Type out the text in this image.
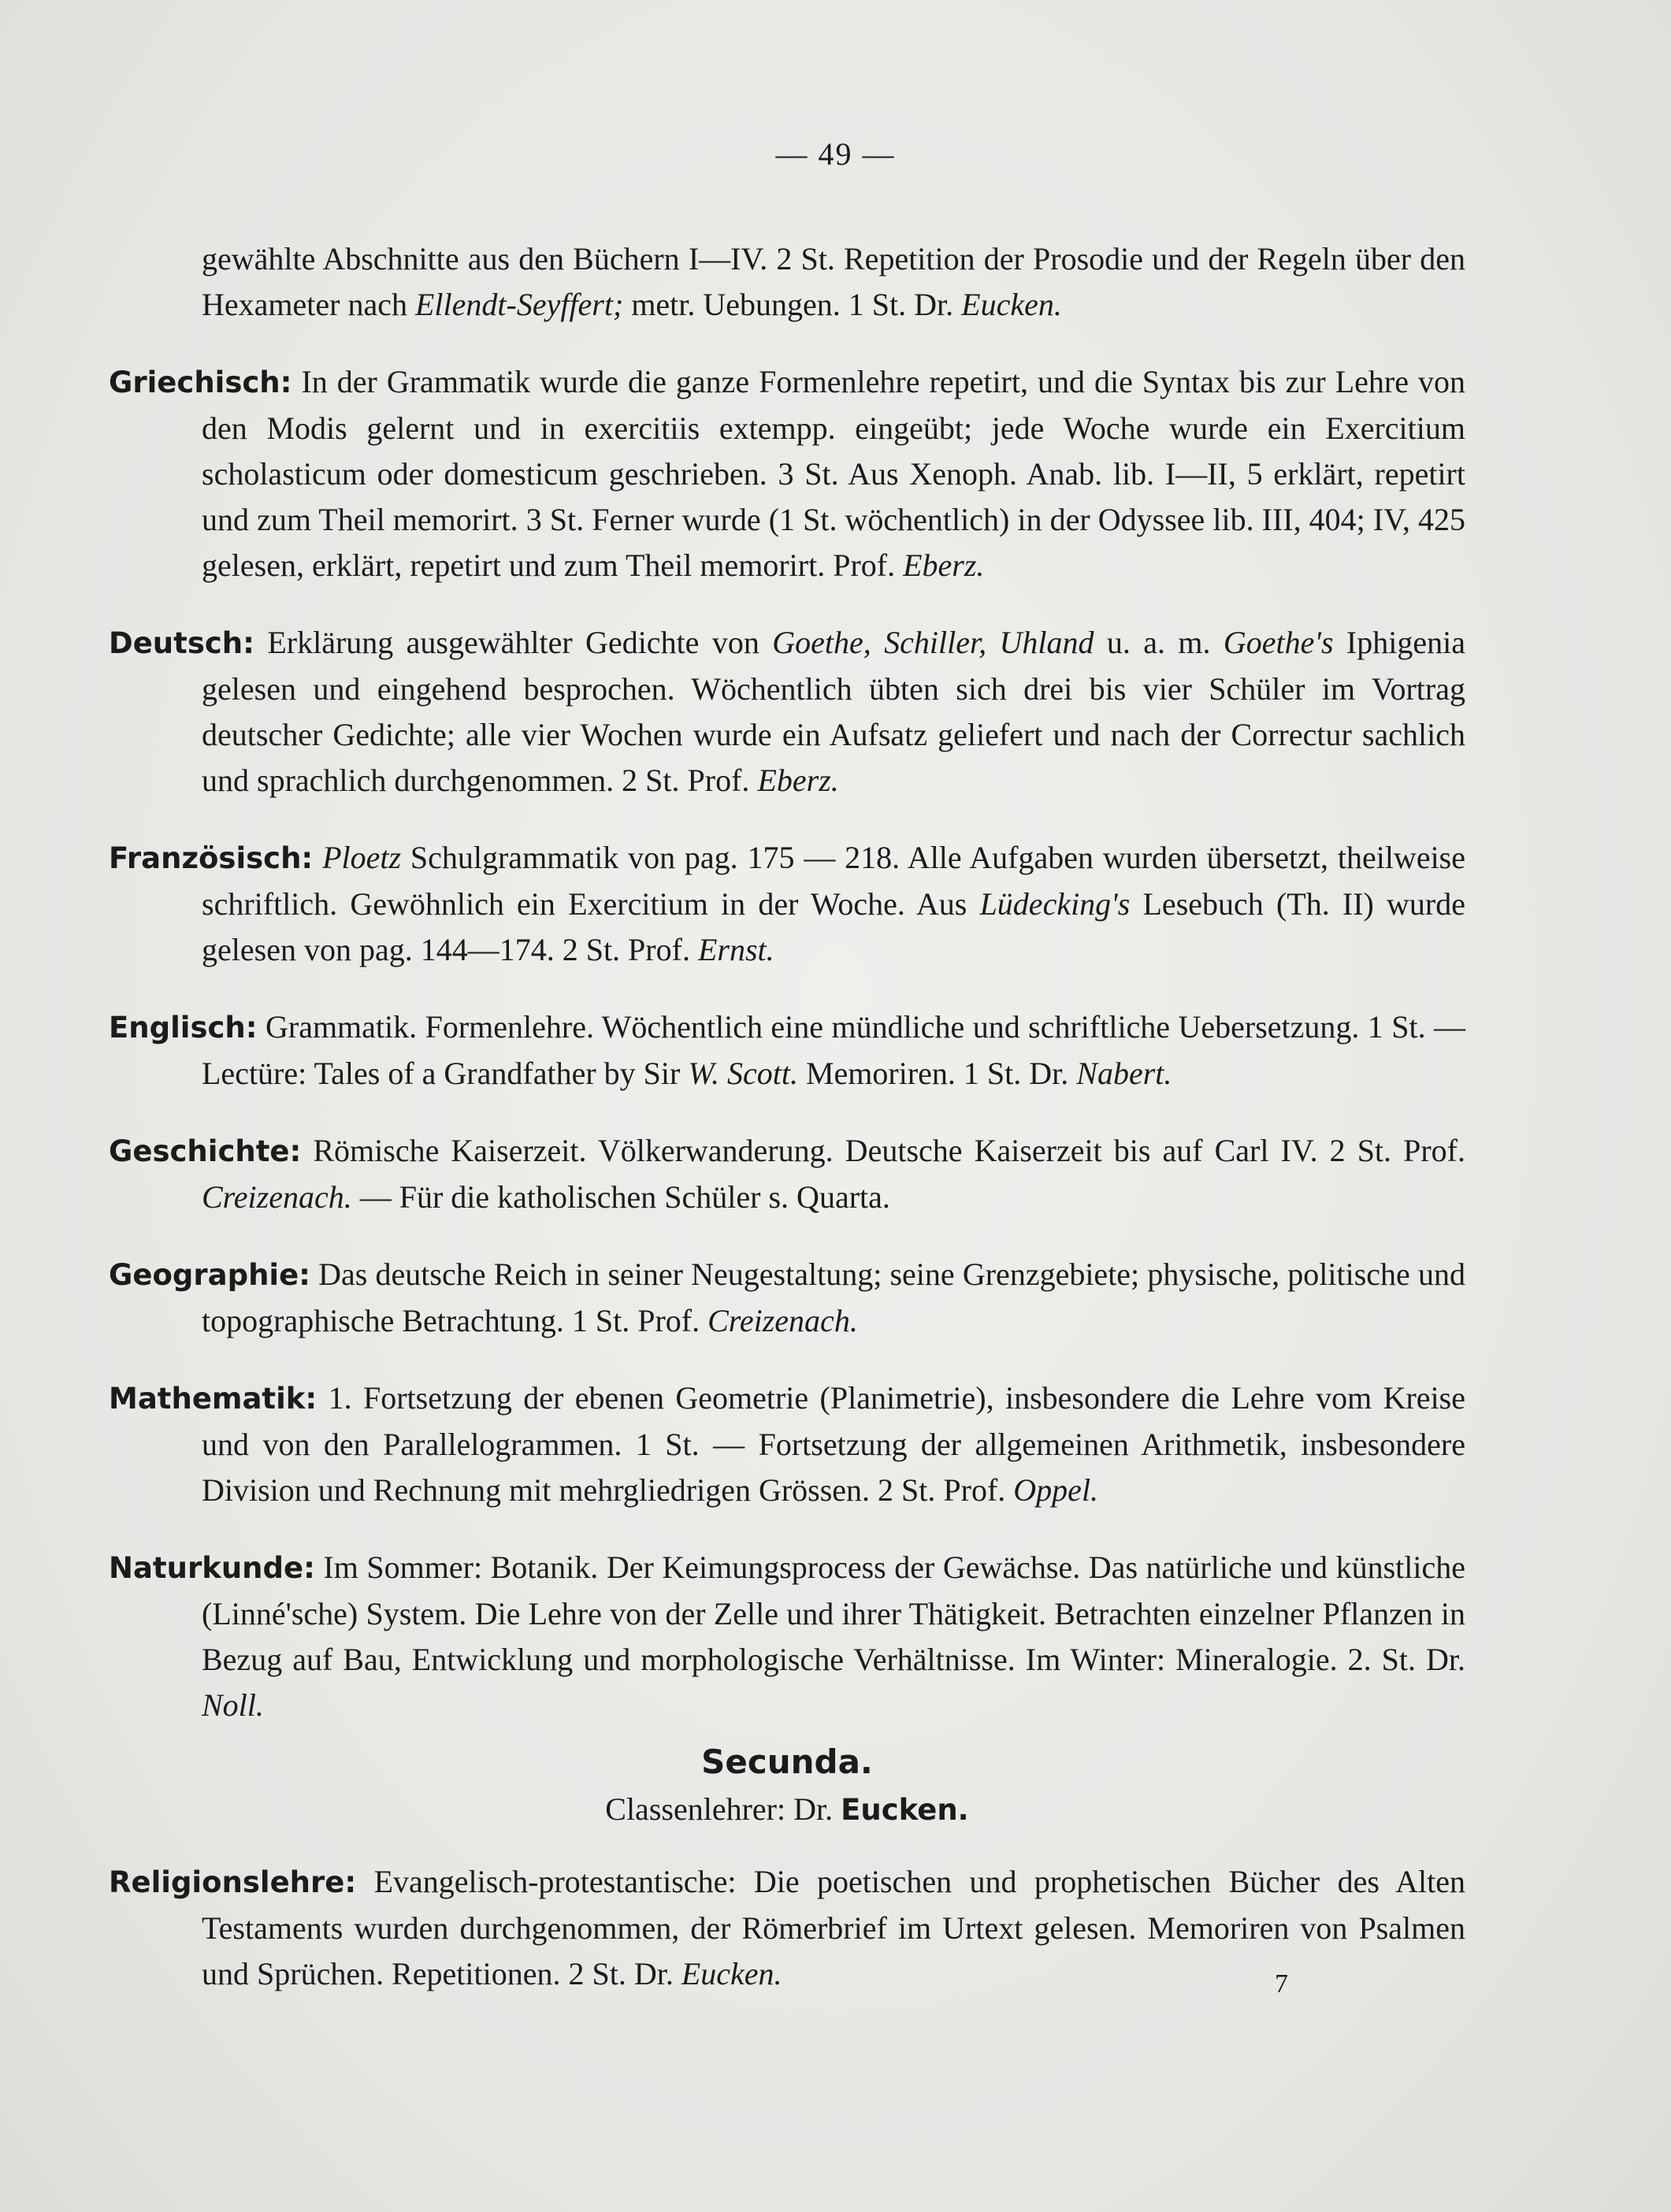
— 49 —

gewählte Abschnitte aus den Büchern I—IV. 2 St. Repetition der Prosodie und der Regeln über den Hexameter nach Ellendt-Seyffert; metr. Uebungen. 1 St. Dr. Eucken.

Griechisch: In der Grammatik wurde die ganze Formenlehre repetirt, und die Syntax bis zur Lehre von den Modis gelernt und in exercitiis extempp. eingeübt; jede Woche wurde ein Exercitium scholasticum oder domesticum geschrieben. 3 St. Aus Xenoph. Anab. lib. I—II, 5 erklärt, repetirt und zum Theil memorirt. 3 St. Ferner wurde (1 St. wöchentlich) in der Odyssee lib. III, 404; IV, 425 gelesen, erklärt, repetirt und zum Theil memorirt. Prof. Eberz.

Deutsch: Erklärung ausgewählter Gedichte von Goethe, Schiller, Uhland u. a. m. Goethe's Iphigenia gelesen und eingehend besprochen. Wöchentlich übten sich drei bis vier Schüler im Vortrag deutscher Gedichte; alle vier Wochen wurde ein Aufsatz geliefert und nach der Correctur sachlich und sprachlich durchgenommen. 2 St. Prof. Eberz.

Französisch: Ploetz Schulgrammatik von pag. 175 — 218. Alle Aufgaben wurden übersetzt, theilweise schriftlich. Gewöhnlich ein Exercitium in der Woche. Aus Lüdecking's Lesebuch (Th. II) wurde gelesen von pag. 144—174. 2 St. Prof. Ernst.

Englisch: Grammatik. Formenlehre. Wöchentlich eine mündliche und schriftliche Uebersetzung. 1 St. — Lectüre: Tales of a Grandfather by Sir W. Scott. Memoriren. 1 St. Dr. Nabert.

Geschichte: Römische Kaiserzeit. Völkerwanderung. Deutsche Kaiserzeit bis auf Carl IV. 2 St. Prof. Creizenach. — Für die katholischen Schüler s. Quarta.

Geographie: Das deutsche Reich in seiner Neugestaltung; seine Grenzgebiete; physische, politische und topographische Betrachtung. 1 St. Prof. Creizenach.

Mathematik: 1. Fortsetzung der ebenen Geometrie (Planimetrie), insbesondere die Lehre vom Kreise und von den Parallelogrammen. 1 St. — Fortsetzung der allgemeinen Arithmetik, insbesondere Division und Rechnung mit mehrgliedrigen Grössen. 2 St. Prof. Oppel.

Naturkunde: Im Sommer: Botanik. Der Keimungsprocess der Gewächse. Das natürliche und künstliche (Linné'sche) System. Die Lehre von der Zelle und ihrer Thätigkeit. Betrachten einzelner Pflanzen in Bezug auf Bau, Entwicklung und morphologische Verhältnisse. Im Winter: Mineralogie. 2. St. Dr. Noll.

Secunda.
Classenlehrer: Dr. Eucken.

Religionslehre: Evangelisch-protestantische: Die poetischen und prophetischen Bücher des Alten Testaments wurden durchgenommen, der Römerbrief im Urtext gelesen. Memoriren von Psalmen und Sprüchen. Repetitionen. 2 St. Dr. Eucken.	7
